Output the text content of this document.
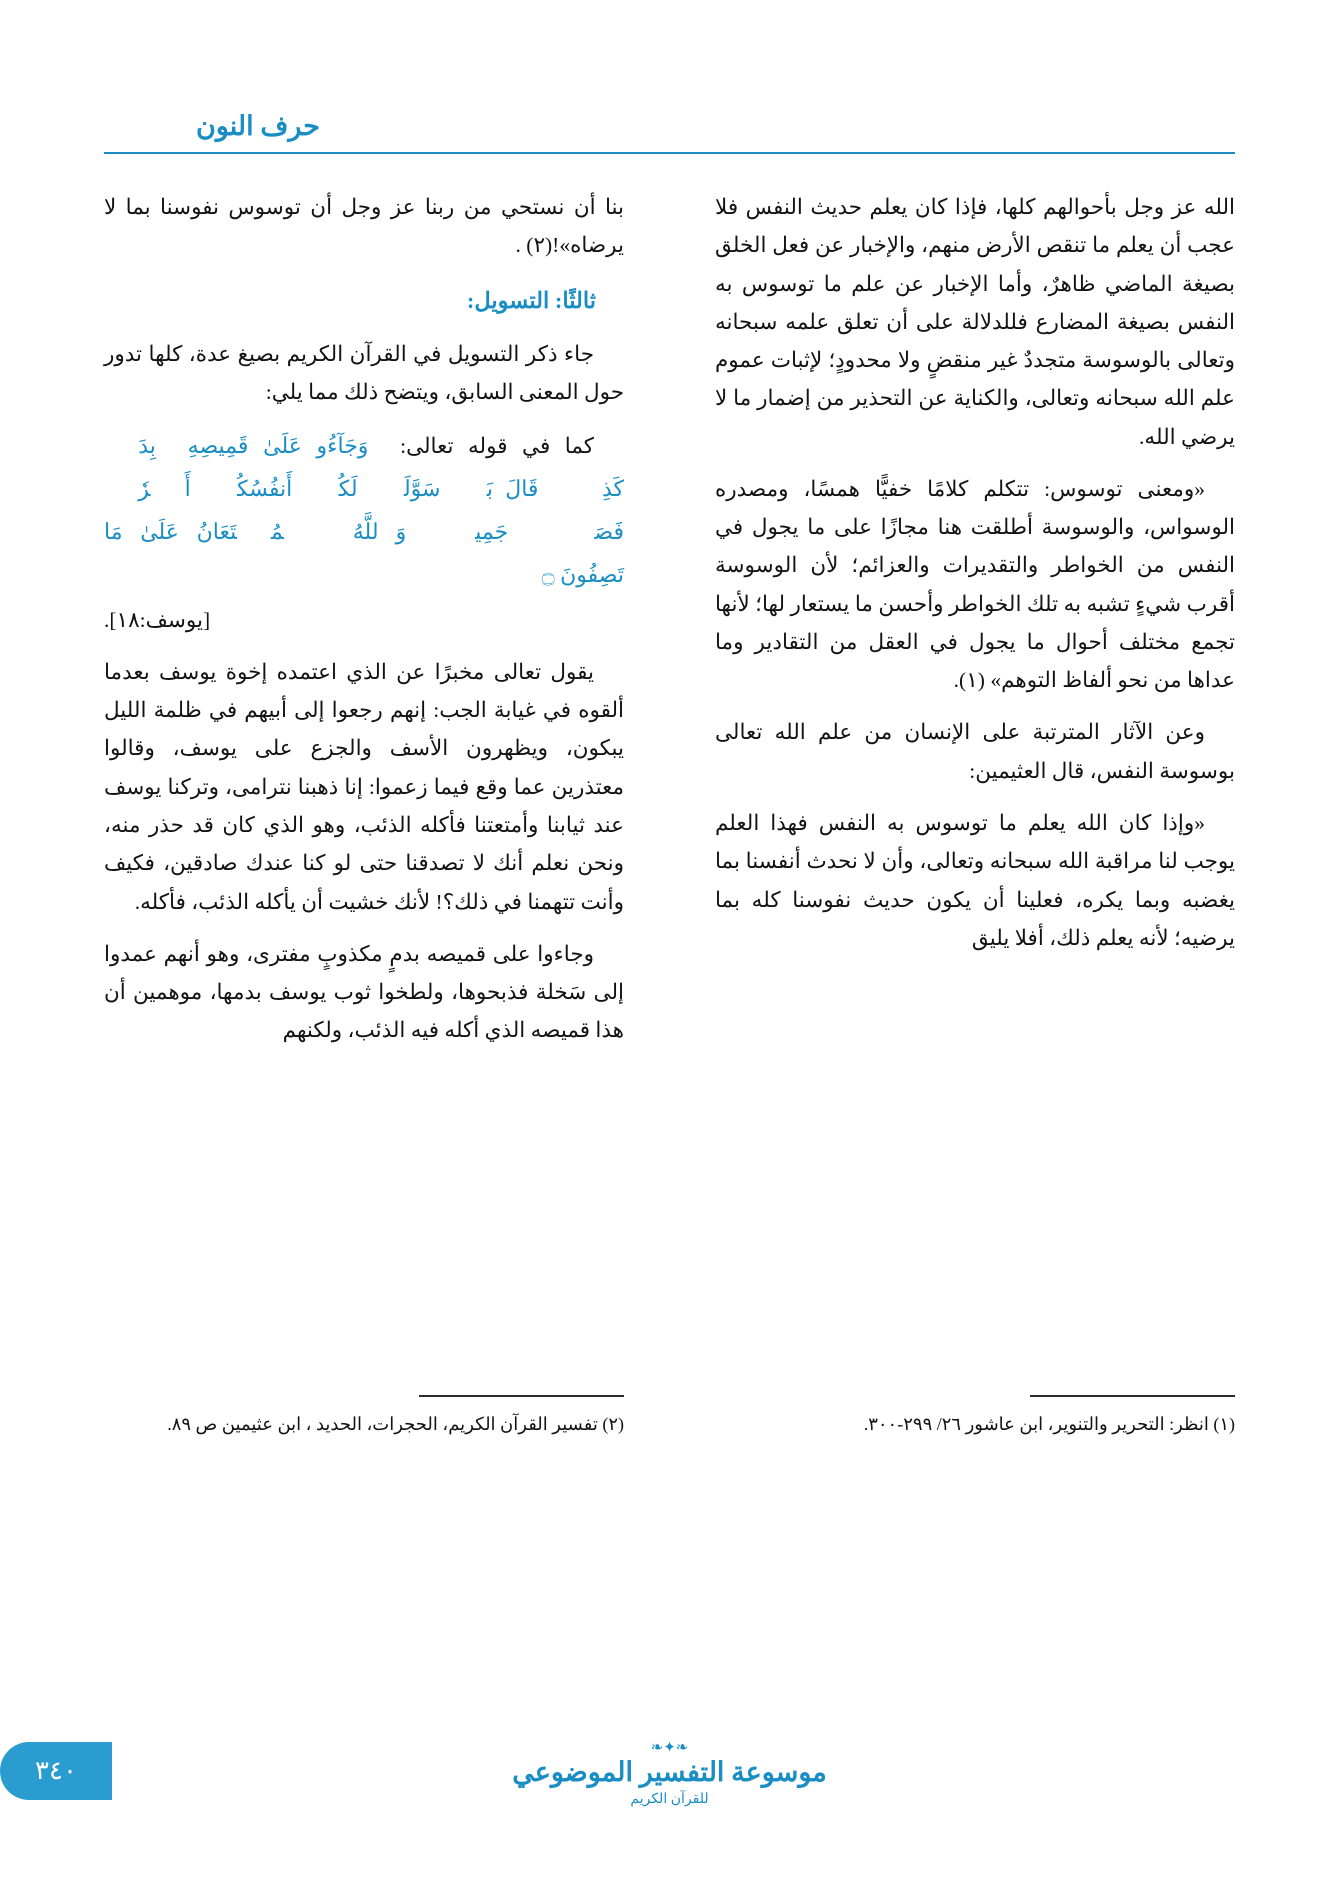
حرف النون

الله عز وجل بأحوالهم كلها، فإذا كان يعلم حديث النفس فلا عجب أن يعلم ما تنقص الأرض منهم، والإخبار عن فعل الخلق بصيغة الماضي ظاهرٌ، وأما الإخبار عن علم ما توسوس به النفس بصيغة المضارع فللدلالة على أن تعلق علمه سبحانه وتعالى بالوسوسة متجددٌ غير منقضٍ ولا محدودٍ؛ لإثبات عموم علم الله سبحانه وتعالى، والكناية عن التحذير من إضمار ما لا يرضي الله.

«ومعنى توسوس: تتكلم كلامًا خفيًّا همسًا، ومصدره الوسواس، والوسوسة أطلقت هنا مجازًا على ما يجول في النفس من الخواطر والتقديرات والعزائم؛ لأن الوسوسة أقرب شيءٍ تشبه به تلك الخواطر وأحسن ما يستعار لها؛ لأنها تجمع مختلف أحوال ما يجول في العقل من التقادير وما عداها من نحو ألفاظ التوهم» (١).

وعن الآثار المترتبة على الإنسان من علم الله تعالى بوسوسة النفس، قال العثيمين:

«وإذا كان الله يعلم ما توسوس به النفس فهذا العلم يوجب لنا مراقبة الله سبحانه وتعالى، وأن لا نحدث أنفسنا بما يغضبه وبما يكره، فعلينا أن يكون حديث نفوسنا كله بما يرضيه؛ لأنه يعلم ذلك، أفلا يليق

بنا أن نستحي من ربنا عز وجل أن توسوس نفوسنا بما لا يرضاه»!(٢) .

ثالثًا: التسويل:

جاء ذكر التسويل في القرآن الكريم بصيغ عدة، كلها تدور حول المعنى السابق، ويتضح ذلك مما يلي:

كما في قوله تعالى: ﴿وَجَآءُو عَلَىٰ قَمِيصِهِۦ بِدَمٖ كَذِبٖۚ قَالَ بَلۡ سَوَّلَتۡ لَكُمۡ أَنفُسُكُمۡ أَمۡرٗاۖ فَصَبۡرٞ جَمِيلٞۖ وَٱللَّهُ ٱلۡمُسۡتَعَانُ عَلَىٰ مَا تَصِفُونَ ۝

[يوسف:١٨].

يقول تعالى مخبرًا عن الذي اعتمده إخوة يوسف بعدما ألقوه في غيابة الجب: إنهم رجعوا إلى أبيهم في ظلمة الليل يبكون، ويظهرون الأسف والجزع على يوسف، وقالوا معتذرين عما وقع فيما زعموا: إنا ذهبنا نترامى، وتركنا يوسف عند ثيابنا وأمتعتنا فأكله الذئب، وهو الذي كان قد حذر منه، ونحن نعلم أنك لا تصدقنا حتى لو كنا عندك صادقين، فكيف وأنت تتهمنا في ذلك؟! لأنك خشيت أن يأكله الذئب، فأكله.

وجاءوا على قميصه بدمٍ مكذوبٍ مفترى، وهو أنهم عمدوا إلى سَخلة فذبحوها، ولطخوا ثوب يوسف بدمها، موهمين أن هذا قميصه الذي أكله فيه الذئب، ولكنهم

(١) انظر: التحرير والتنوير، ابن عاشور ٢٦/ ٢٩٩-٣٠٠.
(٢) تفسير القرآن الكريم، الحجرات، الحديد ، ابن عثيمين ص ٨٩.
❧✦❧
موسوعة التفسير الموضوعي
للقرآن الكريم
٣٤٠
